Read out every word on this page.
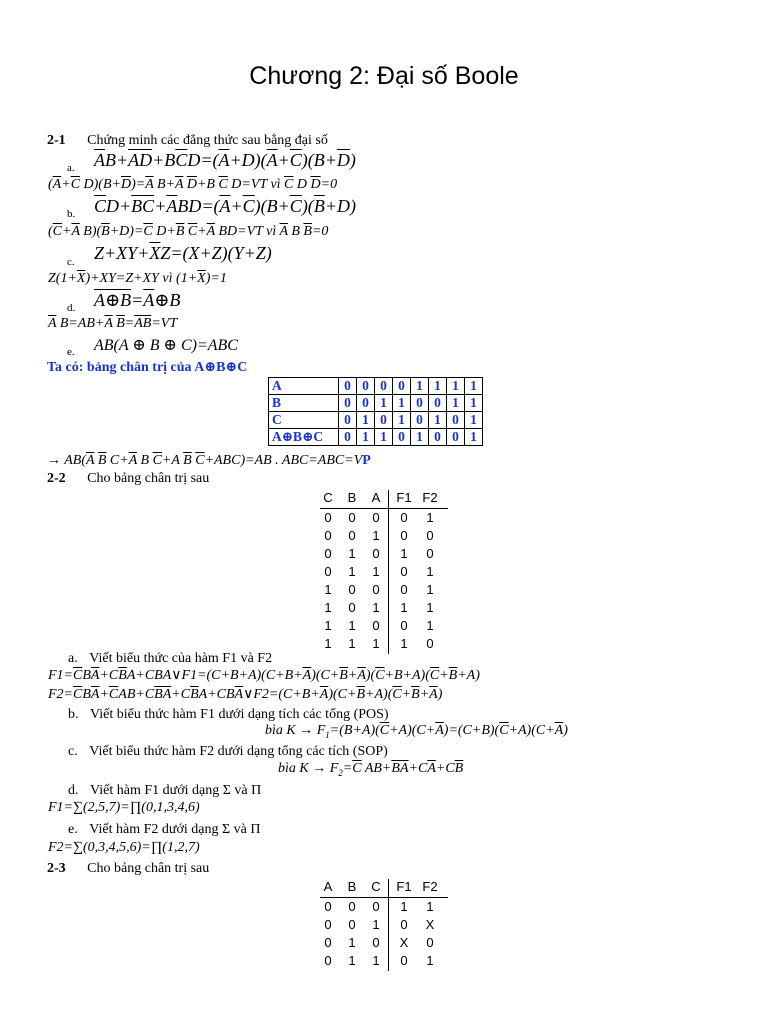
Chương 2: Đại số Boole
2-1 Chứng minh các đẳng thức sau bằng đại số
a. $\overline{A}B+\overline{A}\overline{D}+B\overline{C}D=(\overline{A}+D)(\overline{A}+\overline{C})(B+\overline{D})$
($\overline{A}+\overline{C}$ $D)(B+\overline{D})=\overline{A}$ $B+\overline{A}$ $\overline{D}+B$ $\overline{C}$ D=VT vì $\overline{C}$ D $\overline{D}=0$
b. $\overline{C}D+\overline{B}\overline{C}+\overline{A}BD=(\overline{A}+\overline{C})(B+\overline{C})(\overline{B}+D)$
($\overline{C}+\overline{A}$ $B)(\overline{B}+D)=\overline{C}$ $D+\overline{B}$ $\overline{C}+\overline{A}$ BD=VT vì $\overline{A}$ B $\overline{B}=0$
c. $Z+XY+\overline{X}Z=(X+Z)(Y+Z)$
$Z(1+\overline{X})+XY=Z+XY$ vì $(1+\overline{X})=1$
d. $A\oplus B=\overline{A}\oplus B$
$\overline{A}$ $B=AB+\overline{A}$ $\overline{B}=\overline{A}\overline{B}=VT$
e. AB(A ⊕ B ⊕ C)=ABC
Ta có: bảng chân trị của A⊕B⊕C
A	0	0	0	0	1	1	1	1
B	0	0	1	1	0	0	1	1
C	0	1	0	1	0	1	0	1
A⊕B⊕C	0	1	1	0	1	0	0	1
→ $AB(\overline{A}$ $\overline{B}$ $C+\overline{A}$ B $\overline{C}+A$ $\overline{B}$ $\overline{C}+ABC)=AB$ . ABC=ABC=VP
2-2 Cho bảng chân trị sau
C	B	A	F1 F2
0	0	0	0	1
0	0	1	0	0
0	1	0	1	0
0	1	1	0	1
1	0	0	0	1
1	0	1	1	1
1	1	0	0	1
1	1	1	1	0
a. Viết biểu thức của hàm F1 và F2
$F1=\overline{C}B\overline{A}+C\overline{B}A+CBA\vee F1=(C+B+A)(C+B+\overline{A})(C+\overline{B}+\overline{A})(\overline{C}+B+A)(\overline{C}+\overline{B}+A)$
$F2=\overline{C}B\overline{A}+\overline{C}AB+C\overline{B}\overline{A}+C\overline{B}A+CB\overline{A}\vee F2=(C+B+\overline{A})(C+\overline{B}+A)(\overline{C}+\overline{B}+\overline{A})$
b. Viết biểu thức hàm F1 dưới dạng tích các tổng (POS)
bìa $K \to F_1=(B+A)(\overline{C}+A)(C+\overline{A})=(C+B)(\overline{C}+A)(C+\overline{A})$
c. Viết biểu thức hàm F2 dưới dạng tổng các tích (SOP)
bìa $K \to F_2=\overline{C}$ $AB+\overline{B}\overline{A}+C\overline{A}+C\overline{B}$
d. Viết hàm F1 dưới dạng Σ và Π
F1=∑(2,5,7)=∏(0,1,3,4,6)
e. Viết hàm F2 dưới dạng Σ và Π
F2=∑(0,3,4,5,6)=∏(1,2,7)
2-3 Cho bảng chân trị sau
A	B	C	F1 F2
0	0	0	1	1
0	0	1	0	X
0	1	0	X	0
0	1	1	0	1
